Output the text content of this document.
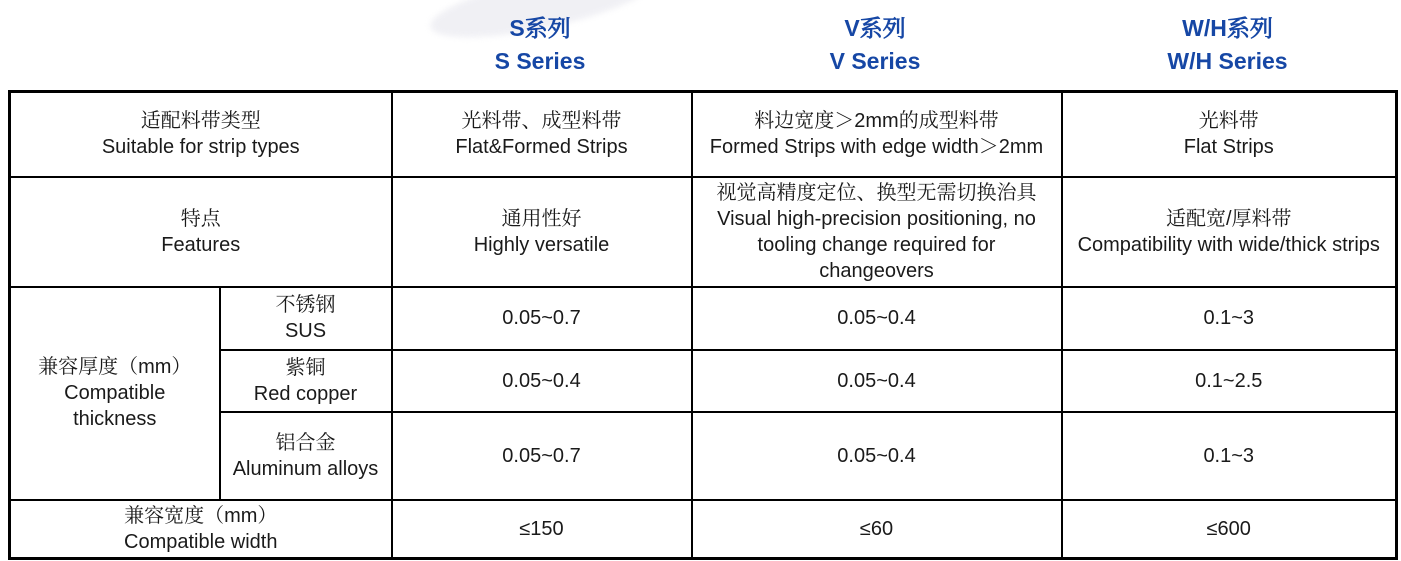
S系列
S Series
V系列
V Series
W/H系列
W/H Series
适配料带类型
Suitable for strip types		光料带、成型料带
Flat&Formed Strips	料边宽度＞2mm的成型料带
Formed Strips with edge width＞2mm	光料带
Flat Strips

特点
Features		通用性好
Highly versatile	视觉高精度定位、换型无需切换治具
Visual high-precision positioning, no tooling change required for changeovers	适配宽/厚料带
Compatibility with wide/thick strips

兼容厚度（mm）
Compatible thickness	不锈钢
SUS	0.05~0.7	0.05~0.4	0.1~3

	紫铜
Red copper	0.05~0.4	0.05~0.4	0.1~2.5

	铝合金
Aluminum alloys	0.05~0.7	0.05~0.4	0.1~3

兼容宽度（mm）
Compatible width		≤150	≤60	≤600
